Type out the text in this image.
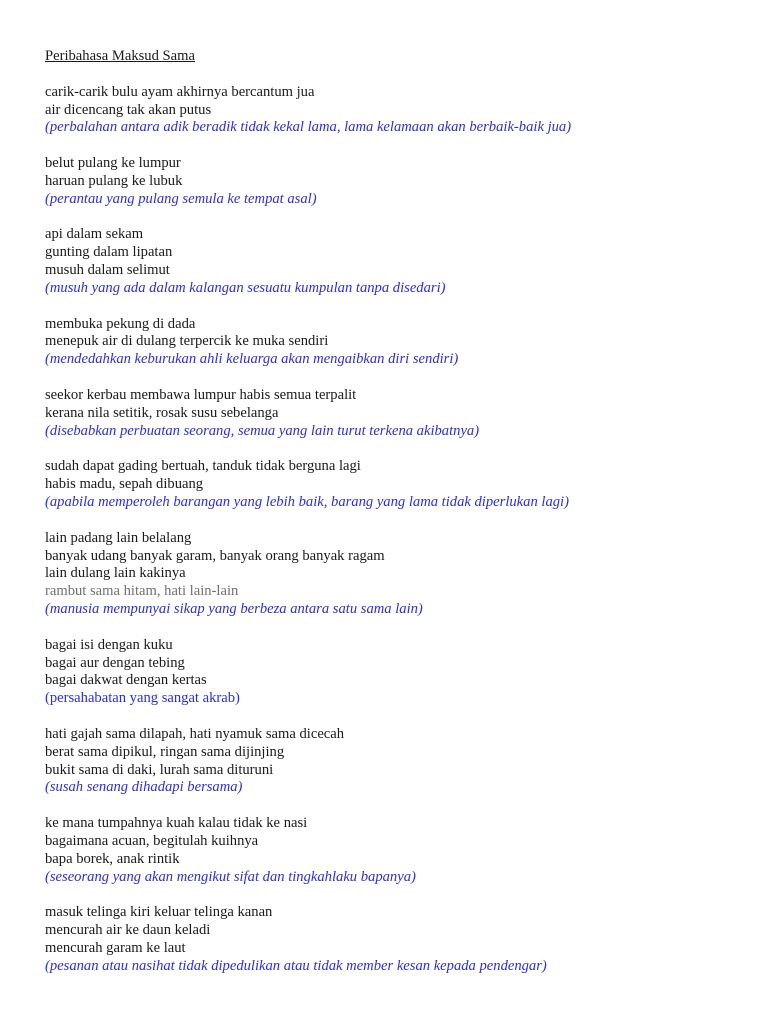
Peribahasa Maksud Sama
carik-carik bulu ayam akhirnya bercantum jua
air dicencang tak akan putus
(perbalahan antara adik beradik tidak kekal lama, lama kelamaan akan berbaik-baik jua)
belut pulang ke lumpur
haruan pulang ke lubuk
(perantau yang pulang semula ke tempat asal)
api dalam sekam
gunting dalam lipatan
musuh dalam selimut
(musuh yang ada dalam kalangan sesuatu kumpulan tanpa disedari)
membuka pekung di dada
menepuk air di dulang terpercik ke muka sendiri
(mendedahkan keburukan ahli keluarga akan mengaibkan diri sendiri)
seekor kerbau membawa lumpur habis semua terpalit
kerana nila setitik, rosak susu sebelanga
(disebabkan perbuatan seorang, semua yang lain turut terkena akibatnya)
sudah dapat gading bertuah, tanduk tidak berguna lagi
habis madu, sepah dibuang
(apabila memperoleh barangan yang lebih baik, barang yang lama tidak diperlukan lagi)
lain padang lain belalang
banyak udang banyak garam, banyak orang banyak ragam
lain dulang lain kakinya
rambut sama hitam, hati lain-lain
(manusia mempunyai sikap yang berbeza antara satu sama lain)
bagai isi dengan kuku
bagai aur dengan tebing
bagai dakwat dengan kertas
(persahabatan yang sangat akrab)
hati gajah sama dilapah, hati nyamuk sama dicecah
berat sama dipikul, ringan sama dijinjing
bukit sama di daki, lurah sama dituruni
(susah senang dihadapi bersama)
ke mana tumpahnya kuah kalau tidak ke nasi
bagaimana acuan, begitulah kuihnya
bapa borek, anak rintik
(seseorang yang akan mengikut sifat dan tingkahlaku bapanya)
masuk telinga kiri keluar telinga kanan
mencurah air ke daun keladi
mencurah garam ke laut
(pesanan atau nasihat tidak dipedulikan atau tidak member kesan kepada pendengar)
